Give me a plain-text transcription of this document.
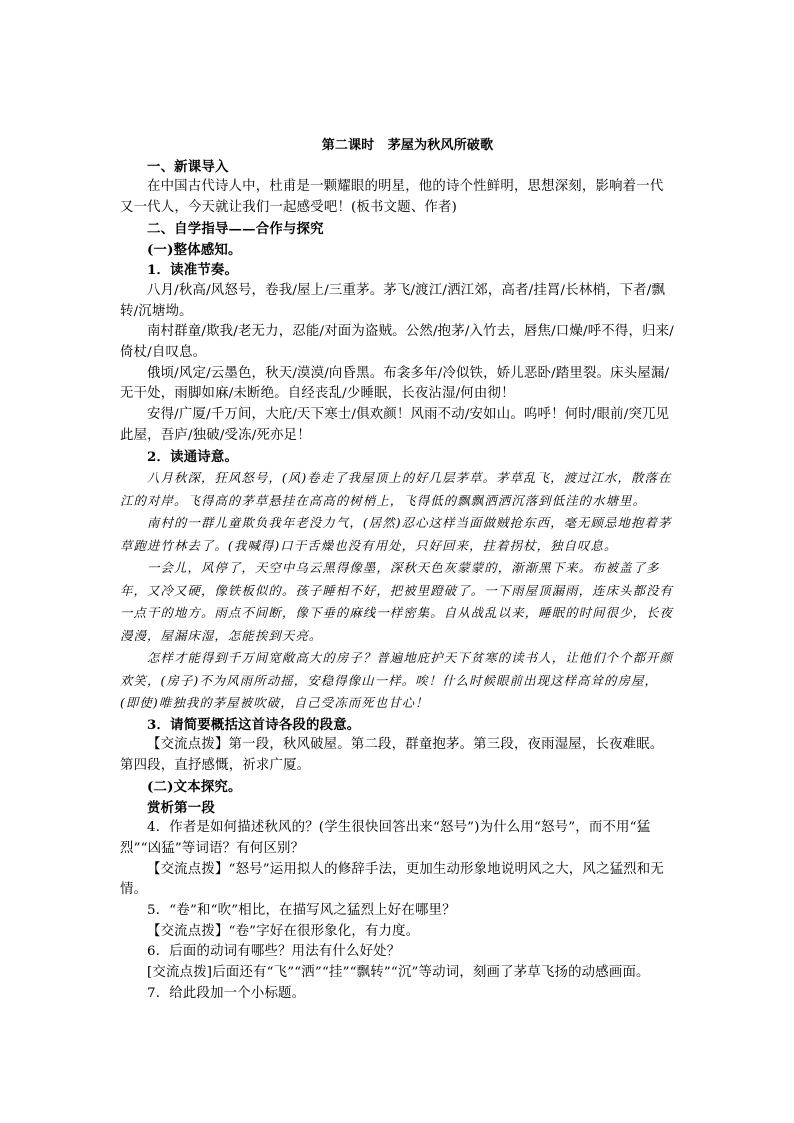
第二课时　茅屋为秋风所破歌

一、新课导入

在中国古代诗人中，杜甫是一颗耀眼的明星，他的诗个性鲜明，思想深刻，影响着一代又一代人，今天就让我们一起感受吧！(板书文题、作者)

二、自学指导——合作与探究

(一)整体感知。

1．读准节奏。

八月/秋高/风怒号，卷我/屋上/三重茅。茅飞/渡江/洒江郊，高者/挂罥/长林梢，下者/飘转/沉塘坳。

南村群童/欺我/老无力，忍能/对面为盗贼。公然/抱茅/入竹去，唇焦/口燥/呼不得，归来/倚杖/自叹息。

俄顷/风定/云墨色，秋天/漠漠/向昏黑。布衾多年/冷似铁，娇儿恶卧/踏里裂。床头屋漏/无干处，雨脚如麻/未断绝。自经丧乱/少睡眠，长夜沾湿/何由彻！

安得/广厦/千万间，大庇/天下寒士/俱欢颜！风雨不动/安如山。呜呼！何时/眼前/突兀见此屋，吾庐/独破/受冻/死亦足！

2．读通诗意。

八月秋深，狂风怒号，(风)卷走了我屋顶上的好几层茅草。茅草乱飞，渡过江水，散落在江的对岸。飞得高的茅草悬挂在高高的树梢上，飞得低的飘飘洒洒沉落到低洼的水塘里。

南村的一群儿童欺负我年老没力气，(居然)忍心这样当面做贼抢东西，毫无顾忌地抱着茅草跑进竹林去了。(我喊得)口干舌燥也没有用处，只好回来，拄着拐杖，独自叹息。

一会儿，风停了，天空中乌云黑得像墨，深秋天色灰蒙蒙的，渐渐黑下来。布被盖了多年，又冷又硬，像铁板似的。孩子睡相不好，把被里蹬破了。一下雨屋顶漏雨，连床头都没有一点干的地方。雨点不间断，像下垂的麻线一样密集。自从战乱以来，睡眠的时间很少，长夜漫漫，屋漏床湿，怎能挨到天亮。

怎样才能得到千万间宽敞高大的房子？普遍地庇护天下贫寒的读书人，让他们个个都开颜欢笑，(房子)不为风雨所动摇，安稳得像山一样。唉！什么时候眼前出现这样高耸的房屋，(即使)唯独我的茅屋被吹破，自己受冻而死也甘心！

3．请简要概括这首诗各段的段意。

【交流点拨】第一段，秋风破屋。第二段，群童抱茅。第三段，夜雨湿屋，长夜难眠。第四段，直抒感慨，祈求广厦。

(二)文本探究。

赏析第一段

4．作者是如何描述秋风的？(学生很快回答出来“怒号”)为什么用“怒号”，而不用“猛烈”“凶猛”等词语？有何区别？

【交流点拨】“怒号”运用拟人的修辞手法，更加生动形象地说明风之大，风之猛烈和无情。

5．“卷”和“吹”相比，在描写风之猛烈上好在哪里？

【交流点拨】“卷”字好在很形象化，有力度。

6．后面的动词有哪些？用法有什么好处？

[交流点拨]后面还有“飞”“洒”“挂”“飘转”“沉”等动词，刻画了茅草飞扬的动感画面。

7．给此段加一个小标题。
